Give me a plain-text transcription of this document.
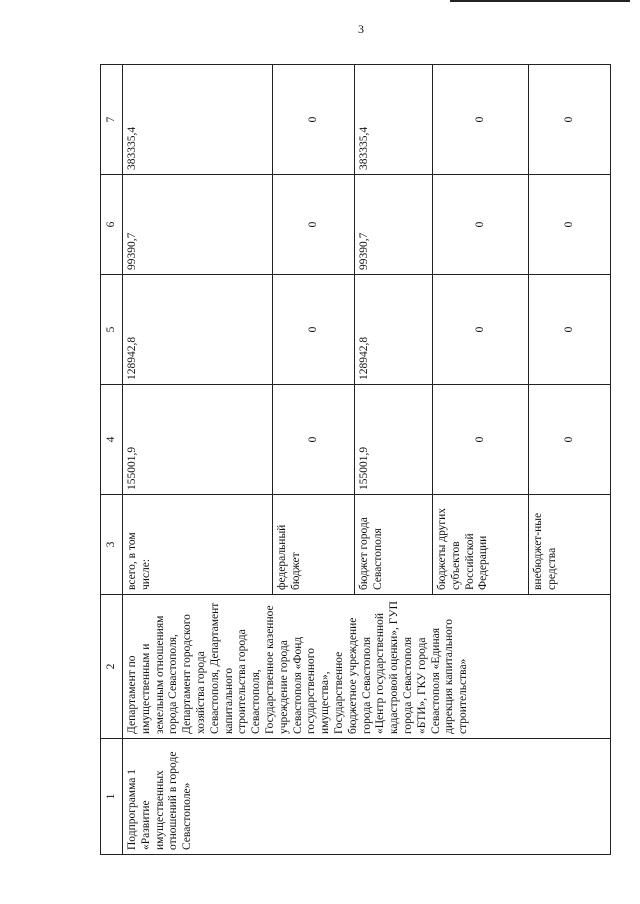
3
1	2	3	4	5	6	7
Подпрограмма 1 «Развитие имущественных отношений в городе Севастополе»	Департамент по имущественным и земельным отношениям города Севастополя, Департамент городского хозяйства города Севастополя, Департамент капитального строительства города Севастополя, Государственное казенное учреждение города Севастополя «Фонд государственного имущества», Государственное бюджетное учреждение города Севастополя «Центр государственной кадастровой оценки», ГУП города Севастополя «БТИ», ГКУ города Севастополя «Единая дирекция капитального строительства»	всего, в том числе:	155001,9	128942,8	99390,7	383335,4
		федеральный бюджет	0	0	0	0
		бюджет города Севастополя	155001,9	128942,8	99390,7	383335,4
		бюджеты других субъектов Российской Федерации	0	0	0	0
		внебюджет-ные средства	0	0	0	0
